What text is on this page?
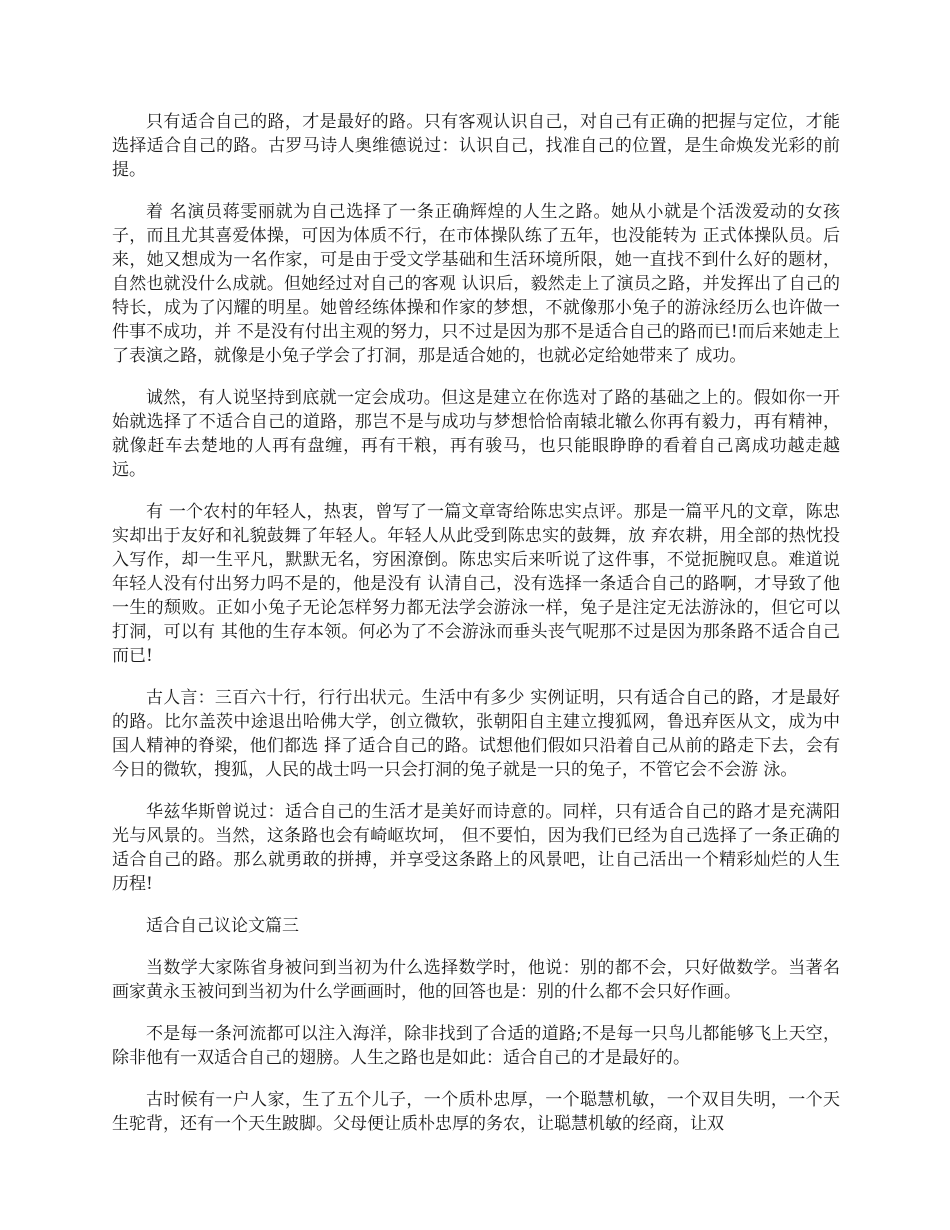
只有适合自己的路，才是最好的路。只有客观认识自己，对自己有正确的把握与定位，才能选择适合自己的路。古罗马诗人奥维德说过：认识自己，找准自己的位置，是生命焕发光彩的前提。

着 名演员蒋雯丽就为自己选择了一条正确辉煌的人生之路。她从小就是个活泼爱动的女孩子，而且尤其喜爱体操，可因为体质不行，在市体操队练了五年，也没能转为 正式体操队员。后来，她又想成为一名作家，可是由于受文学基础和生活环境所限，她一直找不到什么好的题材，自然也就没什么成就。但她经过对自己的客观 认识后，毅然走上了演员之路，并发挥出了自己的特长，成为了闪耀的明星。她曾经练体操和作家的梦想，不就像那小兔子的游泳经历么也许做一件事不成功，并 不是没有付出主观的努力，只不过是因为那不是适合自己的路而已!而后来她走上了表演之路，就像是小兔子学会了打洞，那是适合她的，也就必定给她带来了 成功。

诚然，有人说坚持到底就一定会成功。但这是建立在你选对了路的基础之上的。假如你一开始就选择了不适合自己的道路，那岂不是与成功与梦想恰恰南辕北辙么你再有毅力，再有精神，就像赶车去楚地的人再有盘缠，再有干粮，再有骏马，也只能眼睁睁的看着自己离成功越走越远。

有 一个农村的年轻人，热衷，曾写了一篇文章寄给陈忠实点评。那是一篇平凡的文章，陈忠实却出于友好和礼貌鼓舞了年轻人。年轻人从此受到陈忠实的鼓舞，放 弃农耕，用全部的热忱投入写作，却一生平凡，默默无名，穷困潦倒。陈忠实后来听说了这件事，不觉扼腕叹息。难道说年轻人没有付出努力吗不是的，他是没有 认清自己，没有选择一条适合自己的路啊，才导致了他一生的颓败。正如小兔子无论怎样努力都无法学会游泳一样，兔子是注定无法游泳的，但它可以打洞，可以有 其他的生存本领。何必为了不会游泳而垂头丧气呢那不过是因为那条路不适合自己而已!

古人言：三百六十行，行行出状元。生活中有多少 实例证明，只有适合自己的路，才是最好的路。比尔盖茨中途退出哈佛大学，创立微软，张朝阳自主建立搜狐网，鲁迅弃医从文，成为中国人精神的脊梁，他们都选 择了适合自己的路。试想他们假如只沿着自己从前的路走下去，会有今日的微软，搜狐，人民的战士吗一只会打洞的兔子就是一只的兔子，不管它会不会游 泳。

华兹华斯曾说过：适合自己的生活才是美好而诗意的。同样，只有适合自己的路才是充满阳光与风景的。当然，这条路也会有崎岖坎坷， 但不要怕，因为我们已经为自己选择了一条正确的适合自己的路。那么就勇敢的拼搏，并享受这条路上的风景吧，让自己活出一个精彩灿烂的人生历程!

适合自己议论文篇三

当数学大家陈省身被问到当初为什么选择数学时，他说：别的都不会，只好做数学。当著名画家黄永玉被问到当初为什么学画画时，他的回答也是：别的什么都不会只好作画。

不是每一条河流都可以注入海洋，除非找到了合适的道路;不是每一只鸟儿都能够飞上天空，除非他有一双适合自己的翅膀。人生之路也是如此：适合自己的才是最好的。

古时候有一户人家，生了五个儿子，一个质朴忠厚，一个聪慧机敏，一个双目失明，一个天生驼背，还有一个天生跛脚。父母便让质朴忠厚的务农，让聪慧机敏的经商，让双
